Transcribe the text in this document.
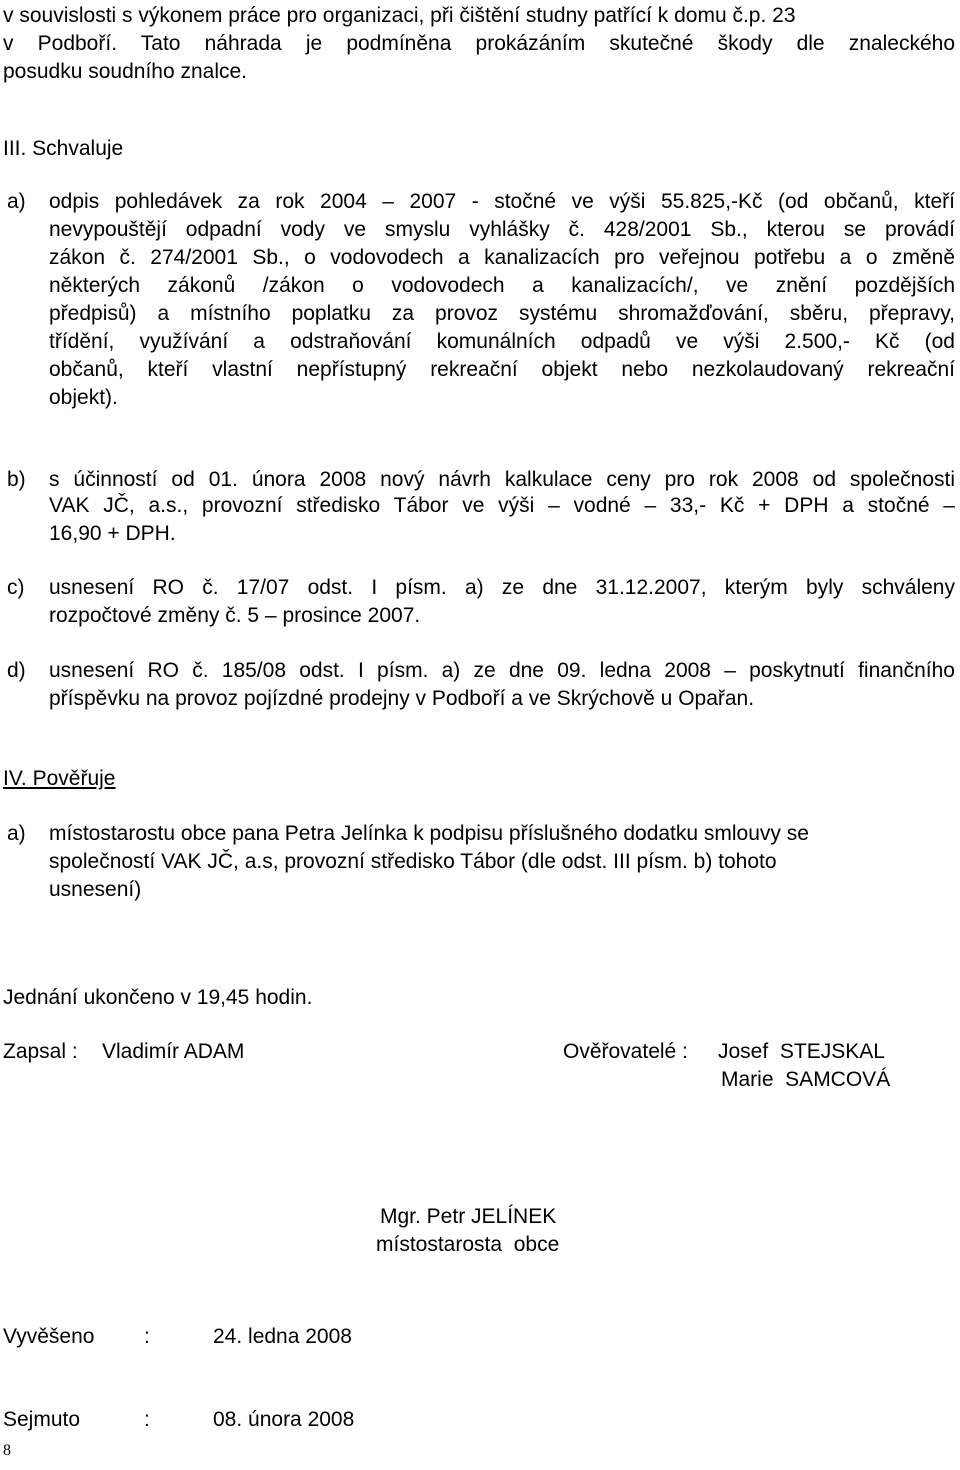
v souvislosti s výkonem práce pro organizaci, při čištění studny patřící k domu č.p. 23
v Podboří. Tato náhrada je podmíněna prokázáním skutečné škody dle znaleckého
posudku soudního znalce.
III. Schvaluje
a) odpis pohledávek za rok 2004 – 2007 - stočné ve výši 55.825,-Kč (od občanů, kteří
nevypouštějí odpadní vody ve smyslu vyhlášky č. 428/2001 Sb., kterou se provádí
zákon č. 274/2001 Sb., o vodovodech a kanalizacích pro veřejnou potřebu a o změně
některých zákonů /zákon o vodovodech a kanalizacích/, ve znění pozdějších
předpisů) a místního poplatku za provoz systému shromažďování, sběru, přepravy,
třídění, využívání a odstraňování komunálních odpadů ve výši 2.500,- Kč (od
občanů, kteří vlastní nepřístupný rekreační objekt nebo nezkolaudovaný rekreační
objekt).
b) s účinností od 01. února 2008 nový návrh kalkulace ceny pro rok 2008 od společnosti
VAK JČ, a.s., provozní středisko Tábor ve výši – vodné – 33,- Kč + DPH a stočné –
16,90 + DPH.
c) usnesení RO č. 17/07 odst. I písm. a) ze dne 31.12.2007, kterým byly schváleny
rozpočtové změny č. 5 – prosince 2007.
d) usnesení RO č. 185/08 odst. I písm. a) ze dne 09. ledna 2008 – poskytnutí finančního
příspěvku na provoz pojízdné prodejny v Podboří a ve Skrýchově u Opařan.
IV. Pověřuje
a) místostarostu obce pana Petra Jelínka k podpisu příslušného dodatku smlouvy se
společností VAK JČ, a.s, provozní středisko Tábor (dle odst. III písm. b) tohoto
usnesení)
Jednání ukončeno v 19,45 hodin.
Zapsal : Vladimír ADAM	Ověřovatelé : Josef  STEJSKAL
Marie  SAMCOVÁ
Mgr. Petr JELÍNEK
místostarosta  obce
Vyvěšeno :	24. ledna 2008
Sejmuto	:	08. února 2008
8
